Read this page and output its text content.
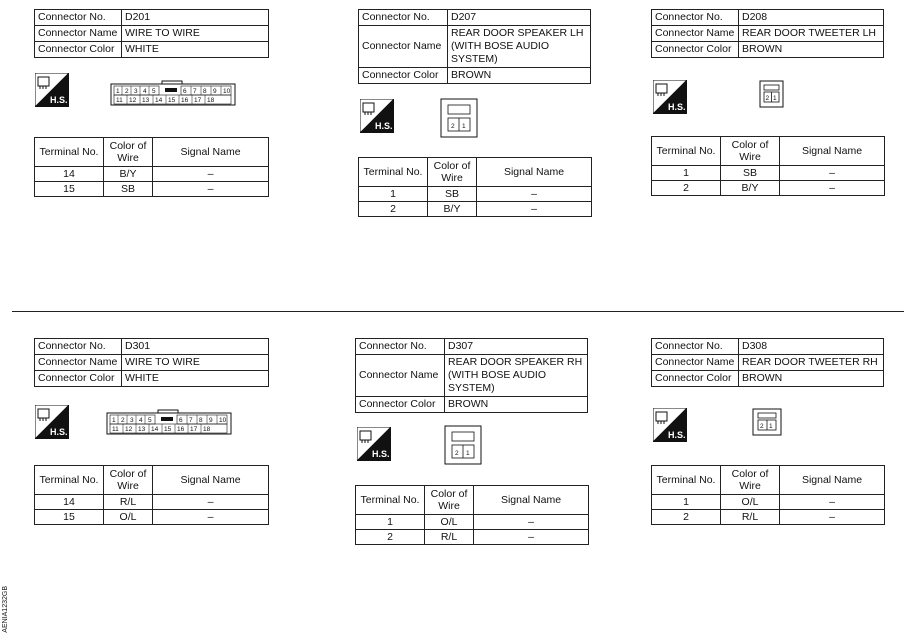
Connector No.	D201
Connector Name	WIRE TO WIRE
Connector Color	WHITE
H.S.
1 2 3 4 5	6 7 8 9 10
11 12 13 14 15 16 17 18
Terminal No.	Color of Wire	Signal Name
14	B/Y	–
15	SB	–
Connector No.	D207
Connector Name	REAR DOOR SPEAKER LH (WITH BOSE AUDIO SYSTEM)
Connector Color	BROWN
H.S.	2 1
Terminal No.	Color of Wire	Signal Name
1	SB	–
2	B/Y	–
Connector No.	D208
Connector Name	REAR DOOR TWEETER LH
Connector Color	BROWN
H.S.
2 1
Terminal No.	Color of Wire	Signal Name
1	SB	–
2	B/Y	–
Connector No.	D301
Connector Name	WIRE TO WIRE
Connector Color	WHITE
H.S.
1 2 3 4 5	6 7 8 9 10
11 12 13 14 15 16 17 18
Terminal No.	Color of Wire	Signal Name
14	R/L	–
15	O/L	–
Connector No.	D307
Connector Name	REAR DOOR SPEAKER RH (WITH BOSE AUDIO SYSTEM)
Connector Color	BROWN
H.S.	2 1
Terminal No.	Color of Wire	Signal Name
1	O/L	–
2	R/L	–
Connector No.	D308
Connector Name	REAR DOOR TWEETER RH
Connector Color	BROWN
H.S.
2 1
Terminal No.	Color of Wire	Signal Name
1	O/L	–
2	R/L	–
AENIA1232GB
